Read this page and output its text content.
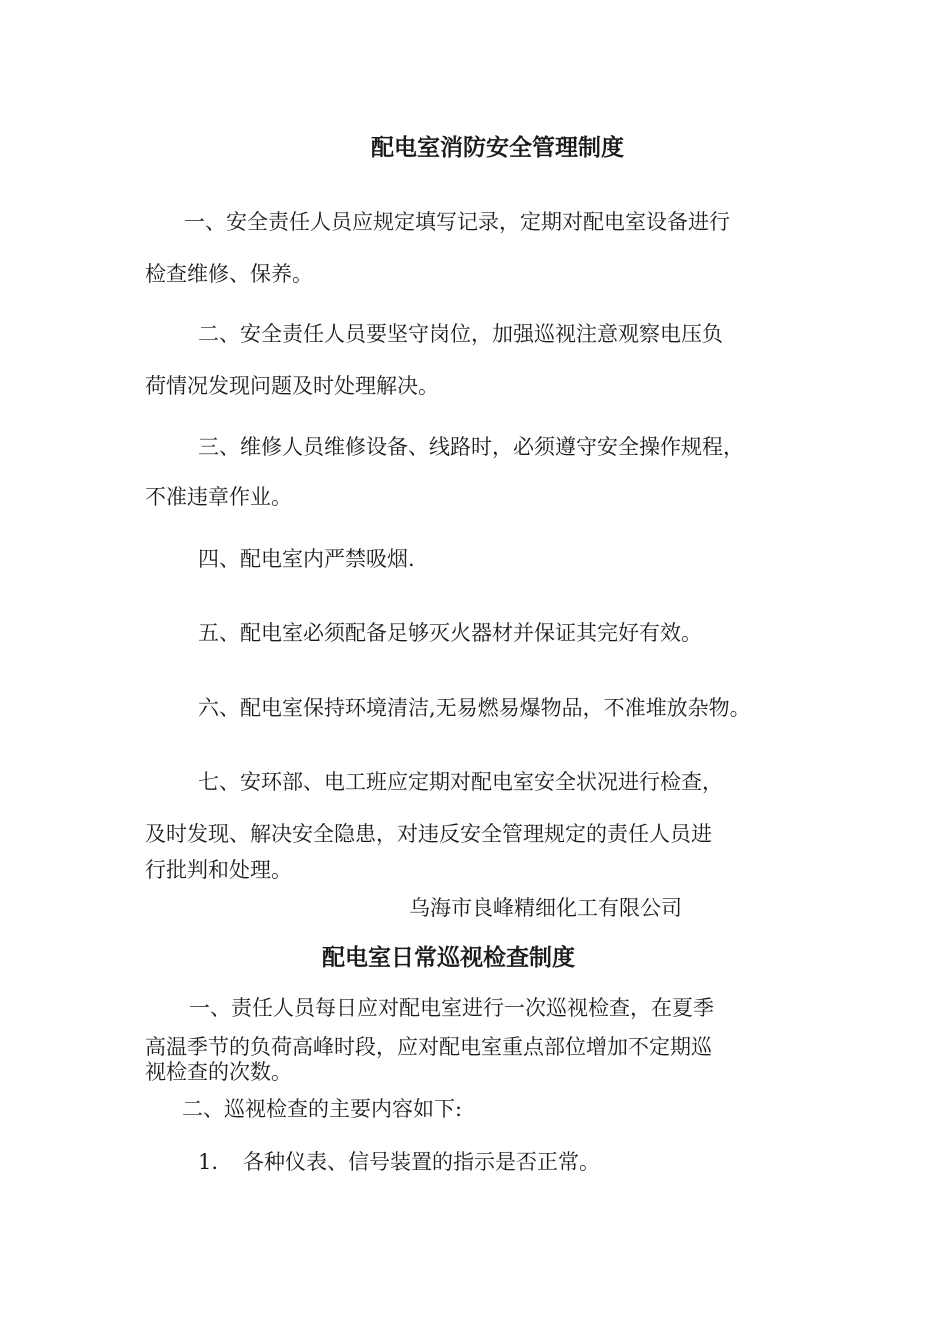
配电室消防安全管理制度

一、安全责任人员应规定填写记录，定期对配电室设备进行

检查维修、保养。

二、安全责任人员要坚守岗位，加强巡视注意观察电压负

荷情况发现问题及时处理解决。

三、维修人员维修设备、线路时，必须遵守安全操作规程，

不准违章作业。

四、配电室内严禁吸烟.

五、配电室必须配备足够灭火器材并保证其完好有效。

六、配电室保持环境清洁,无易燃易爆物品，不准堆放杂物。

七、安环部、电工班应定期对配电室安全状况进行检查，

及时发现、解决安全隐患，对违反安全管理规定的责任人员进

行批判和处理。

乌海市良峰精细化工有限公司

配电室日常巡视检查制度

一、责任人员每日应对配电室进行一次巡视检查，在夏季

高温季节的负荷高峰时段，应对配电室重点部位增加不定期巡

视检查的次数。

二、巡视检查的主要内容如下:

1. 各种仪表、信号装置的指示是否正常。
